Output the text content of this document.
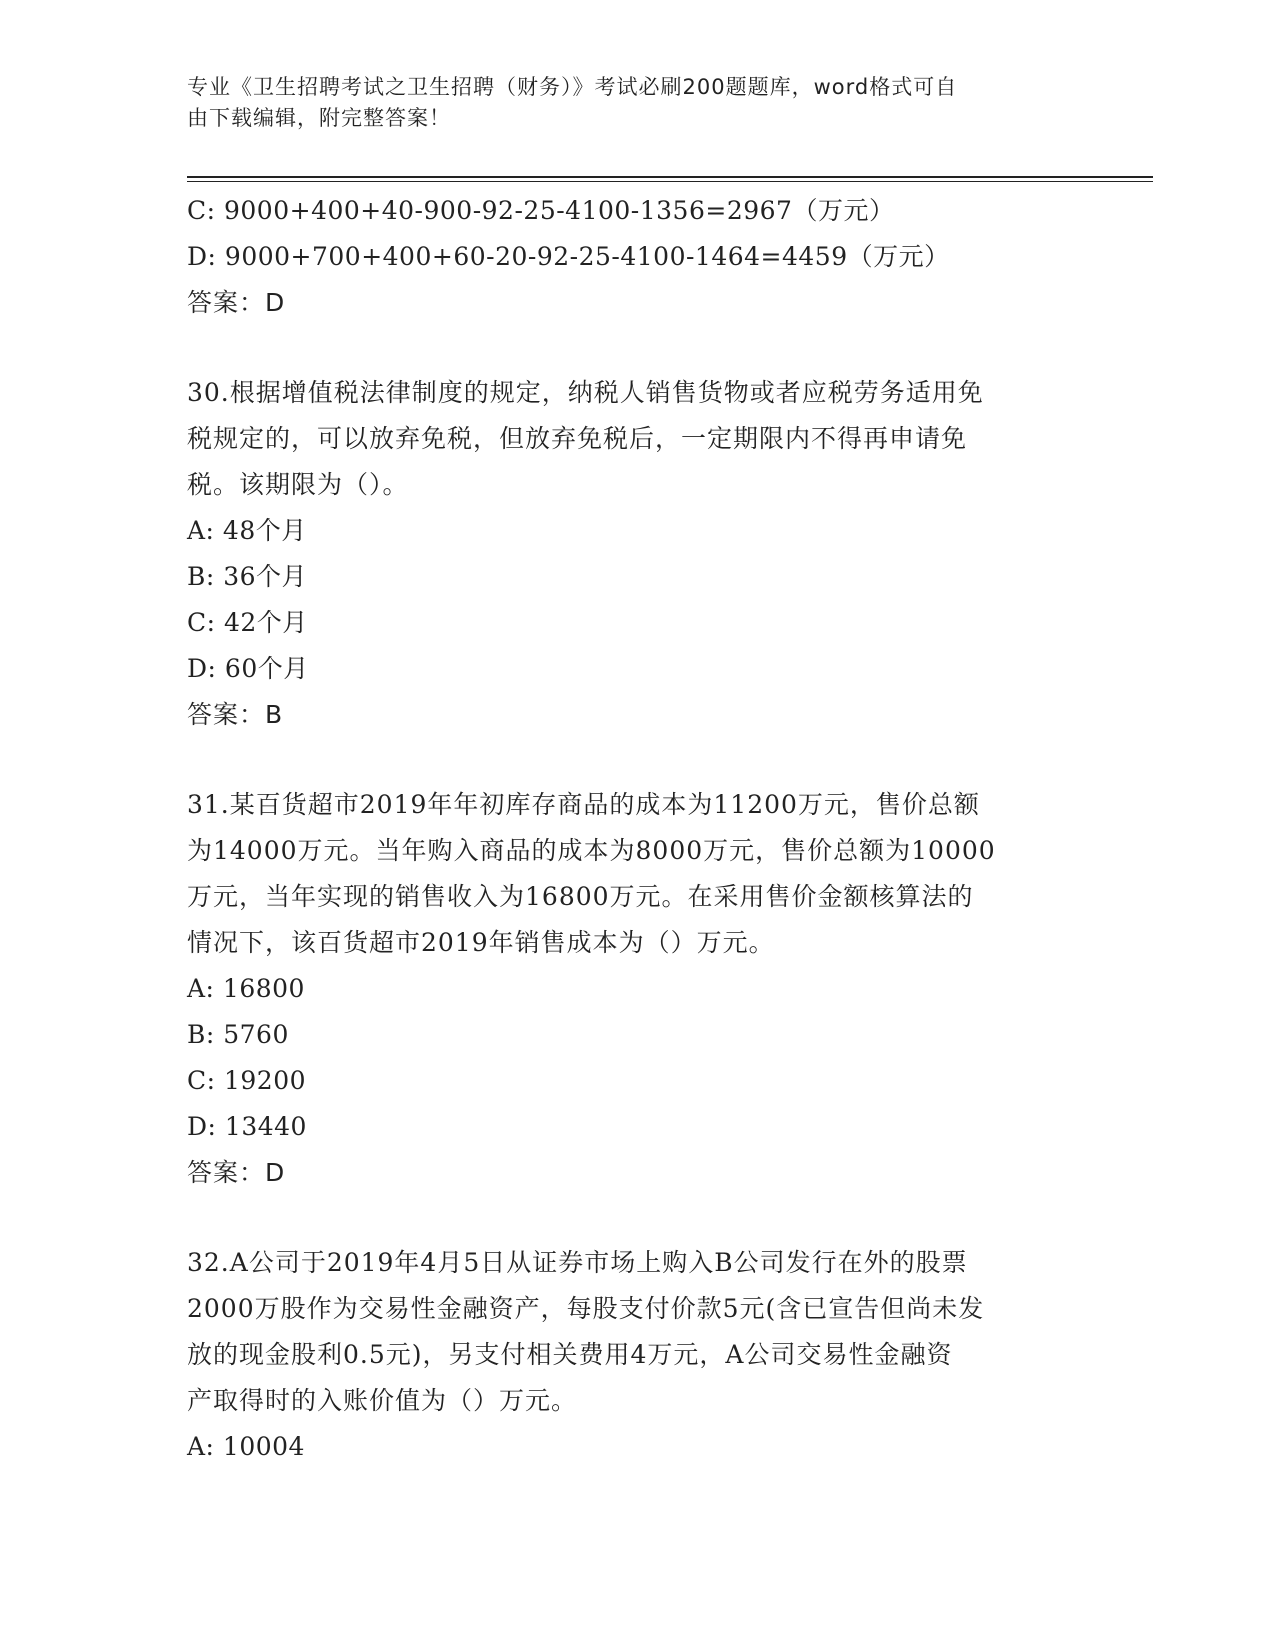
专业《卫生招聘考试之卫生招聘（财务）》考试必刷200题题库，word格式可自
由下载编辑，附完整答案！
C: 9000+400+40-900-92-25-4100-1356=2967（万元）
D: 9000+700+400+60-20-92-25-4100-1464=4459（万元）
答案：D
30.根据增值税法律制度的规定，纳税人销售货物或者应税劳务适用免
税规定的，可以放弃免税，但放弃免税后，一定期限内不得再申请免
税。该期限为（）。
A: 48个月
B: 36个月
C: 42个月
D: 60个月
答案：B
31.某百货超市2019年年初库存商品的成本为11200万元，售价总额
为14000万元。当年购入商品的成本为8000万元，售价总额为10000
万元，当年实现的销售收入为16800万元。在采用售价金额核算法的
情况下，该百货超市2019年销售成本为（）万元。
A: 16800
B: 5760
C: 19200
D: 13440
答案：D
32.A公司于2019年4月5日从证券市场上购入B公司发行在外的股票
2000万股作为交易性金融资产，每股支付价款5元(含已宣告但尚未发
放的现金股利0.5元)，另支付相关费用4万元，A公司交易性金融资
产取得时的入账价值为（）万元。
A: 10004
